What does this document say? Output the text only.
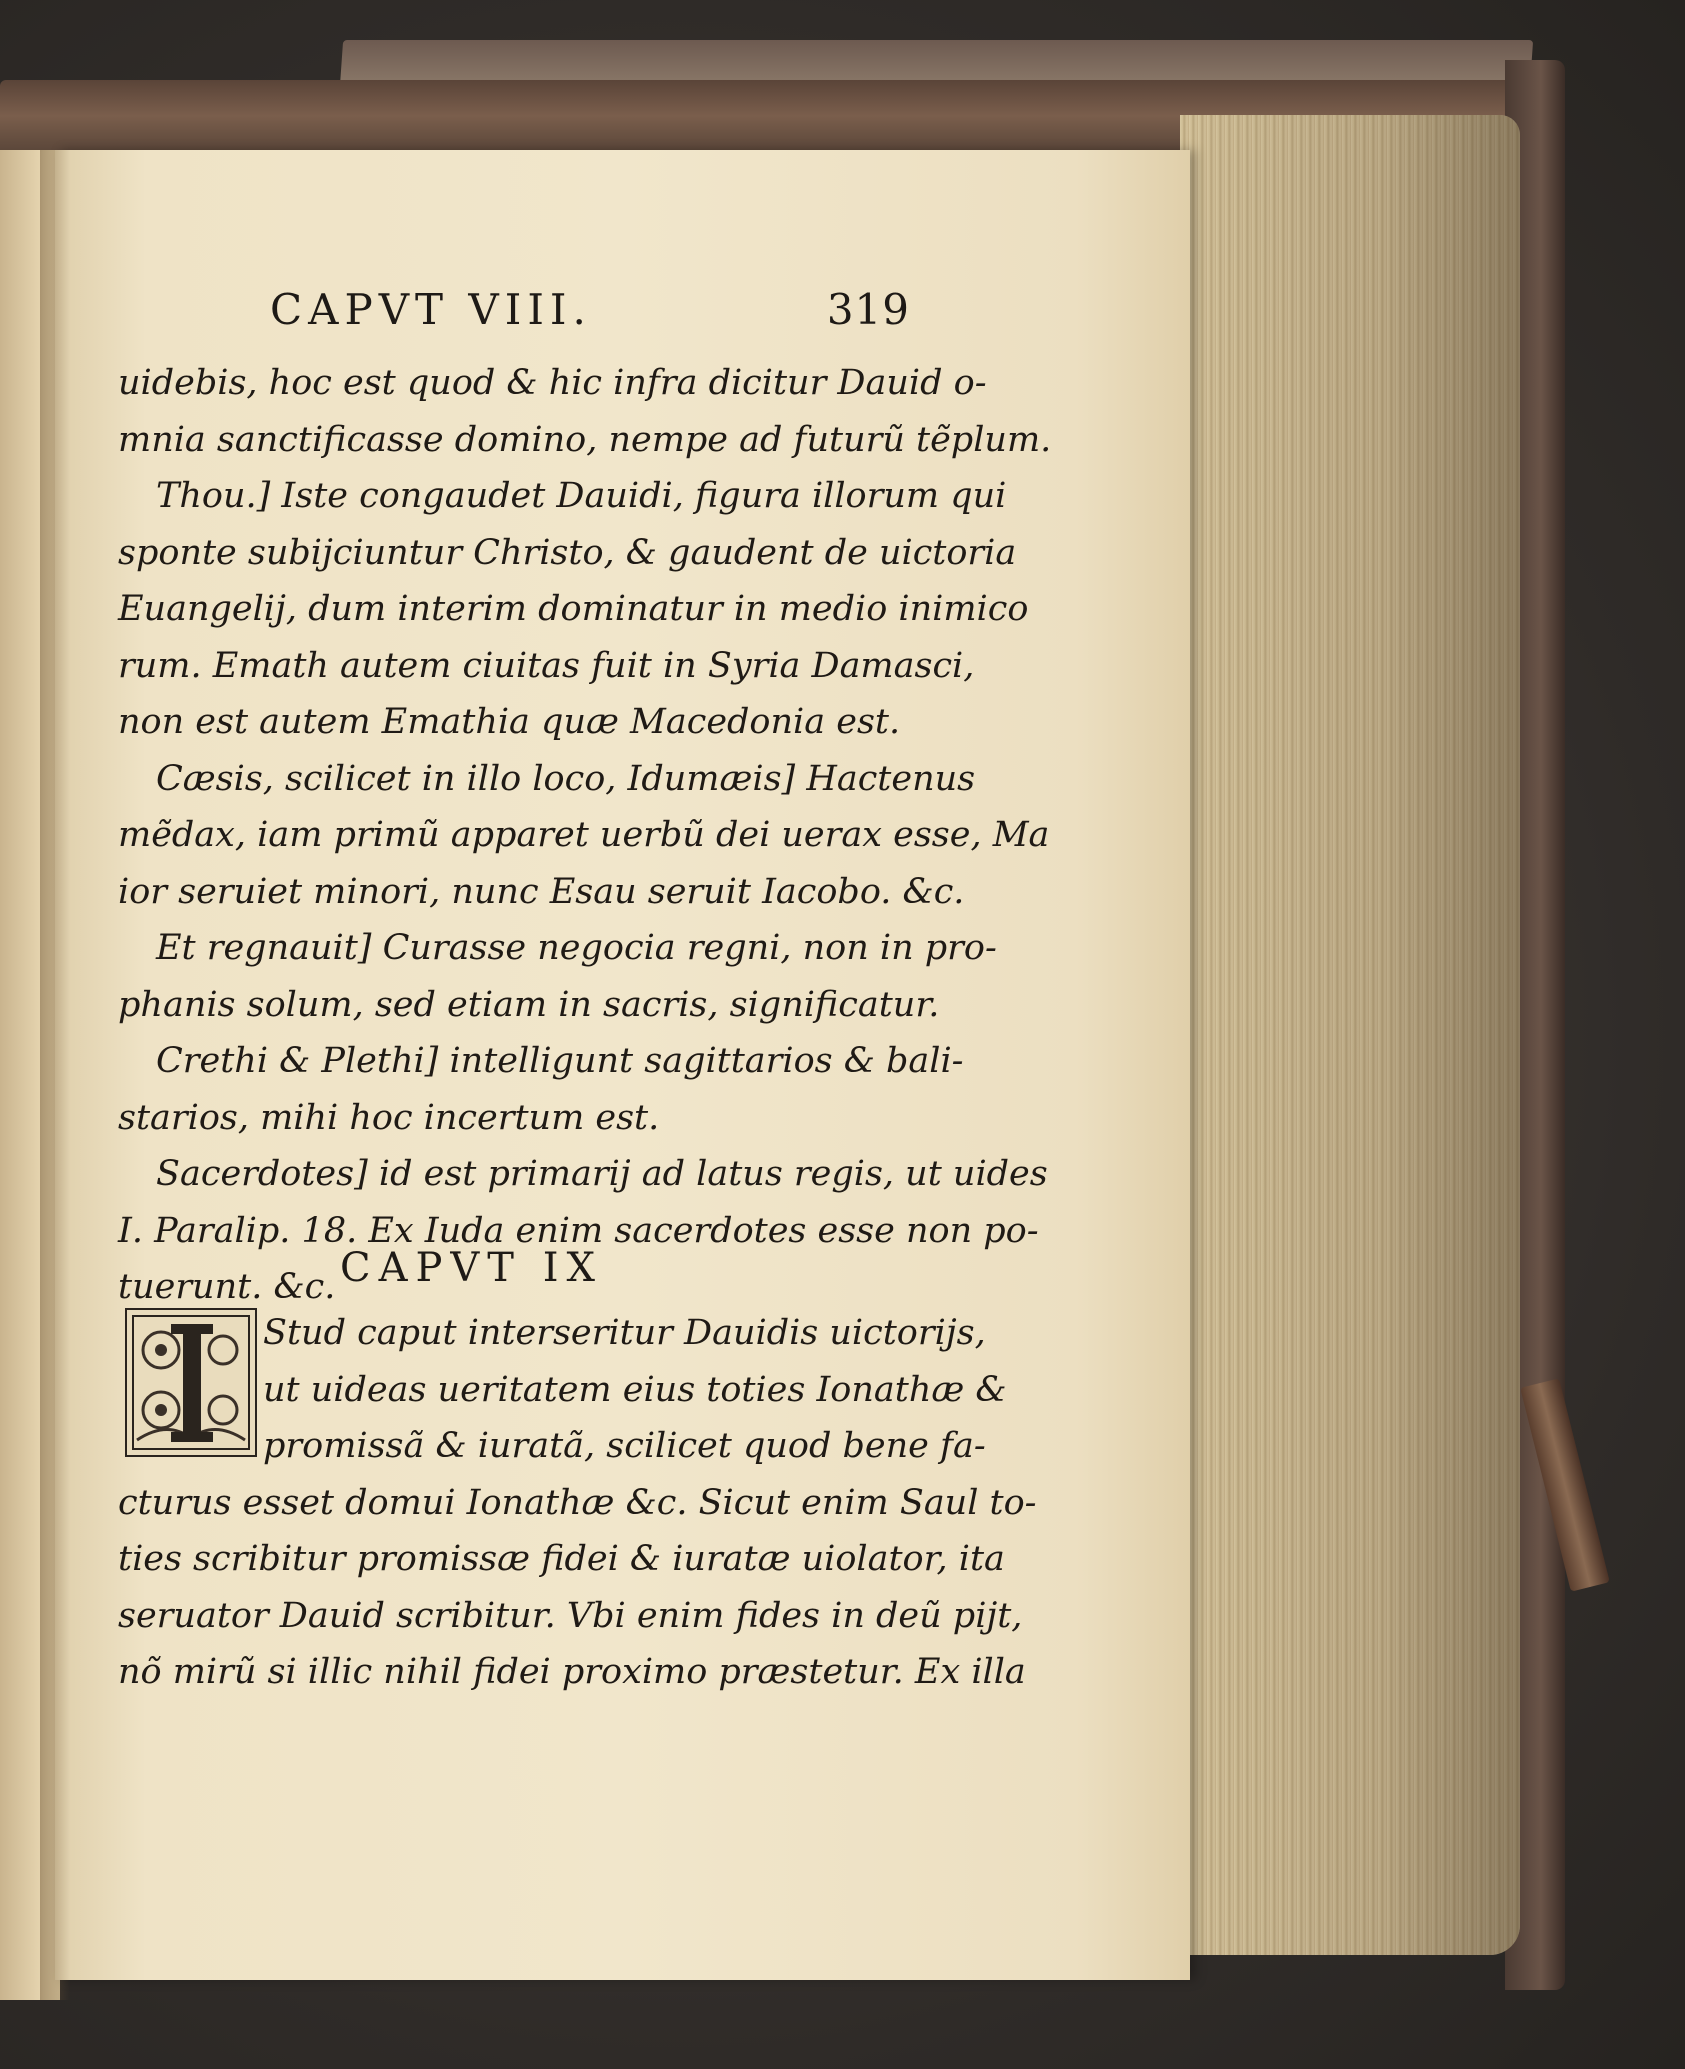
CAPVT VIII.	319
uidebis, hoc est quod & hic infra dicitur Dauid o-
mnia sanctificasse domino, nempe ad futurũ tẽplum.
Thou.] Iste congaudet Dauidi, figura illorum qui
sponte subijciuntur Christo, & gaudent de uictoria
Euangelij, dum interim dominatur in medio inimico
rum. Emath autem ciuitas fuit in Syria Damasci,
non est autem Emathia quæ Macedonia est.
Cæsis, scilicet in illo loco, Idumæis] Hactenus
mẽdax, iam primũ apparet uerbũ dei uerax esse, Ma
ior seruiet minori, nunc Esau seruit Iacobo. &c.
Et regnauit] Curasse negocia regni, non in pro-
phanis solum, sed etiam in sacris, significatur.
Crethi & Plethi] intelligunt sagittarios & bali-
starios, mihi hoc incertum est.
Sacerdotes] id est primarij ad latus regis, ut uides
I. Paralip. 18. Ex Iuda enim sacerdotes esse non po-
tuerunt. &c. CAPVT IX
Stud caput interseritur Dauidis uictorijs,
ut uideas ueritatem eius toties Ionathæ &
promissã & iuratã, scilicet quod bene fa-
cturus esset domui Ionathæ &c. Sicut enim Saul to-
ties scribitur promissæ fidei & iuratæ uiolator, ita
seruator Dauid scribitur. Vbi enim fides in deũ pijt,
nõ mirũ si illic nihil fidei proximo præstetur. Ex illa
